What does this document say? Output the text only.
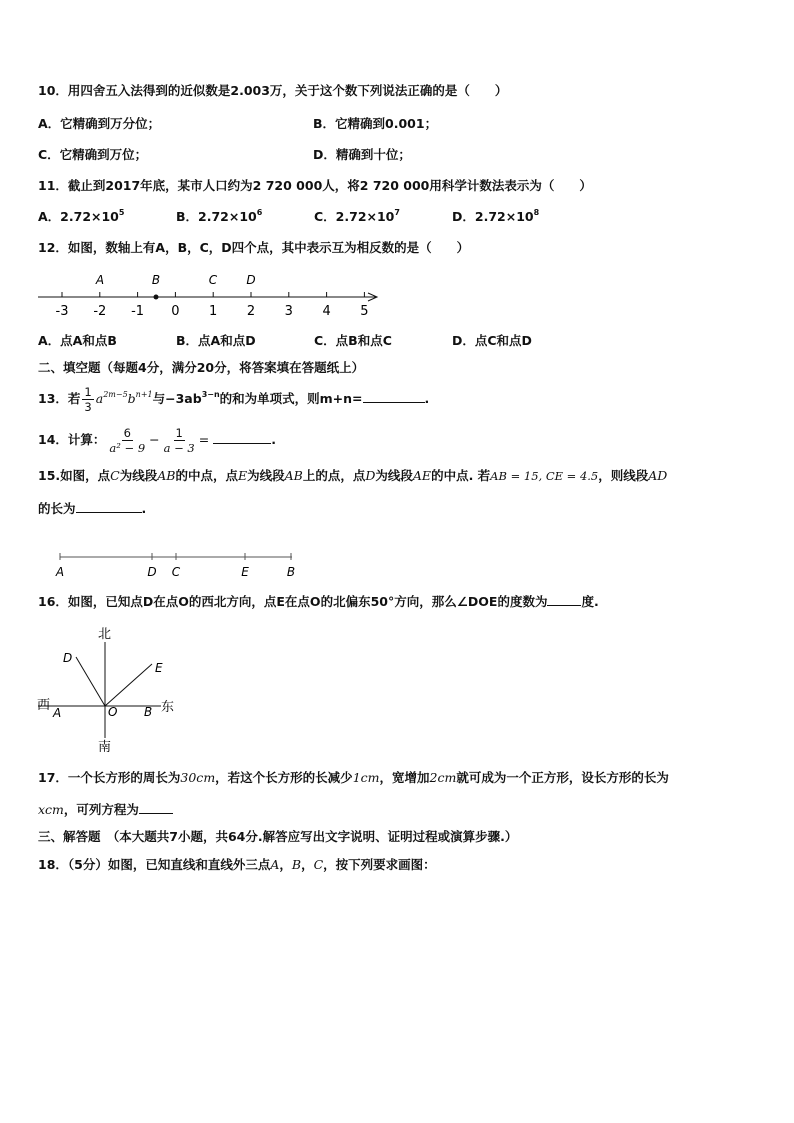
10．用四舍五入法得到的近似数是2.003万，关于这个数下列说法正确的是（　　）
A．它精确到万分位；	B．它精确到0.001；
C．它精确到万位；	D．精确到十位；
11．截止到2017年底，某市人口约为2 720 000人，将2 720 000用科学计数法表示为（　　）
A．$2.72\times 10^5$	B．$2.72\times 10^6$	C．$2.72\times 10^7$	D．$2.72\times 10^8$
12．如图，数轴上有A，B，C，D四个点，其中表示互为相反数的是（　　）
-3 -2 -1 0 1 2 3 4 5
A	B	C D
A．点A和点B	B．点A和点D	C．点B和点C	D．点C和点D
二、填空题（每题4分，满分20分，将答案填在答题纸上）
13．若 $\frac{1}{3} a^{2m-5}b^{n+1}$与$-3ab^{3-n}$的和为单项式，则m+n=	.
14．计算： $\frac{6}{\text{a² − 9}} - \frac{1}{a - 3}$ =	.
15.如图，点C为线段AB的中点，点E为线段AB上的点，点D为线段AE的中点. 若AB = 15, CE = 4.5，则线段AD
的长为	.
A	D C	E	B
16．如图，已知点D在点O的西北方向，点E在点O的北偏东50°方向，那么∠DOE的度数为	度.
北
南
西	东
D
E
A	O B
17．一个长方形的周长为30cm，若这个长方形的长减少1cm，宽增加2cm就可成为一个正方形，设长方形的长为
xcm，可列方程为
三、解答题　（本大题共7小题，共64分.解答应写出文字说明、证明过程或演算步骤.）
18．（5分）如图，已知直线和直线外三点A，B，C，按下列要求画图：
